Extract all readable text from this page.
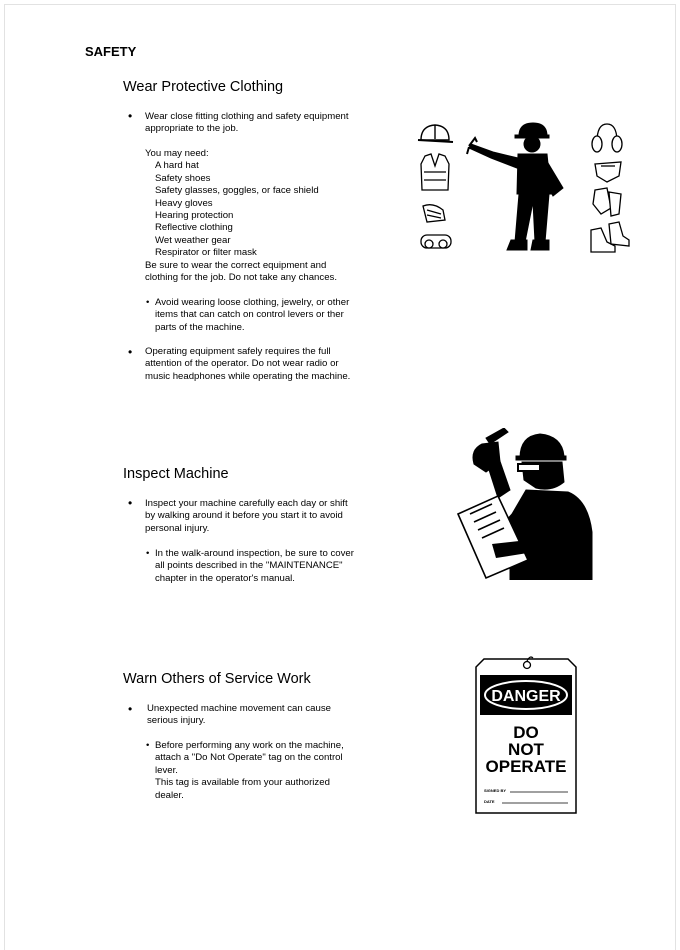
SAFETY
Wear Protective Clothing
• Wear close fitting clothing and safety equipment
appropriate to the job.
You may need:
A hard hat
Safety shoes
Safety glasses, goggles, or face shield
Heavy gloves
Hearing protection
Reflective clothing
Wet weather gear
Respirator or filter mask
Be sure to wear the correct equipment and
clothing for the job. Do not take any chances.
• Avoid wearing loose clothing, jewelry, or other
items that can catch on control levers or ther
parts of the machine.
• Operating equipment safely requires the full
attention of the operator. Do not wear radio or
music headphones while operating the machine.
Inspect Machine
• Inspect your machine carefully each day or shift
by walking around it before you start it to avoid
personal injury.
• In the walk-around inspection, be sure to cover
all points described in the "MAINTENANCE"
chapter in the operator's manual.
Warn Others of Service Work
• Unexpected machine movement can cause
serious injury.
• Before performing any work on the machine,
attach a "Do Not Operate" tag on the control
lever.
This tag is available from your authorized
dealer.
DANGER
DO
NOT
OPERATE
SIGNED BY
DATE
